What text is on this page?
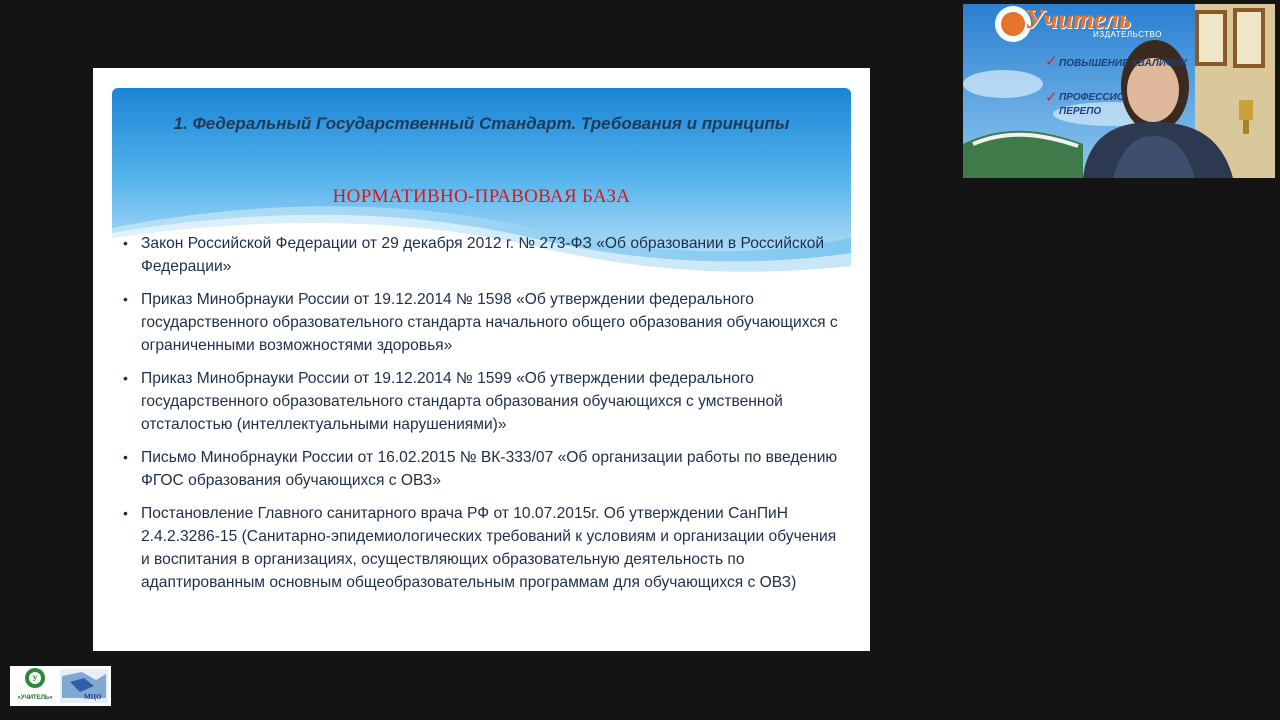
1. Федеральный Государственный Стандарт. Требования и принципы
НОРМАТИВНО-ПРАВОВАЯ БАЗА
• Закон Российской Федерации от 29 декабря 2012 г. № 273-ФЗ «Об образовании в Российской Федерации»
• Приказ Минобрнауки России от 19.12.2014 № 1598 «Об утверждении федерального государственного образовательного стандарта начального общего образования обучающихся с ограниченными возможностями здоровья»
• Приказ Минобрнауки России от 19.12.2014 № 1599 «Об утверждении федерального государственного образовательного стандарта образования обучающихся с умственной отсталостью (интеллектуальными нарушениями)»
• Письмо Минобрнауки России от 16.02.2015 № ВК-333/07 «Об организации работы по введению ФГОС образования обучающихся с ОВЗ»
• Постановление Главного санитарного врача РФ от 10.07.2015г. Об утверждении СанПиН 2.4.2.3286-15 (Санитарно-эпидемиологических требований к условиям и организации обучения и воспитания в организациях, осуществляющих образовательную деятельность по адаптированным основным общеобразовательным программам для обучающихся с ОВЗ)
Учитель
ИЗДАТЕЛЬСТВО
✓ ПОВЫШЕНИЕ КВАЛИФИК
✓ ПРОФЕССИО
ПЕРЕПО
У
«УЧИТЕЛЬ»	МЦО
